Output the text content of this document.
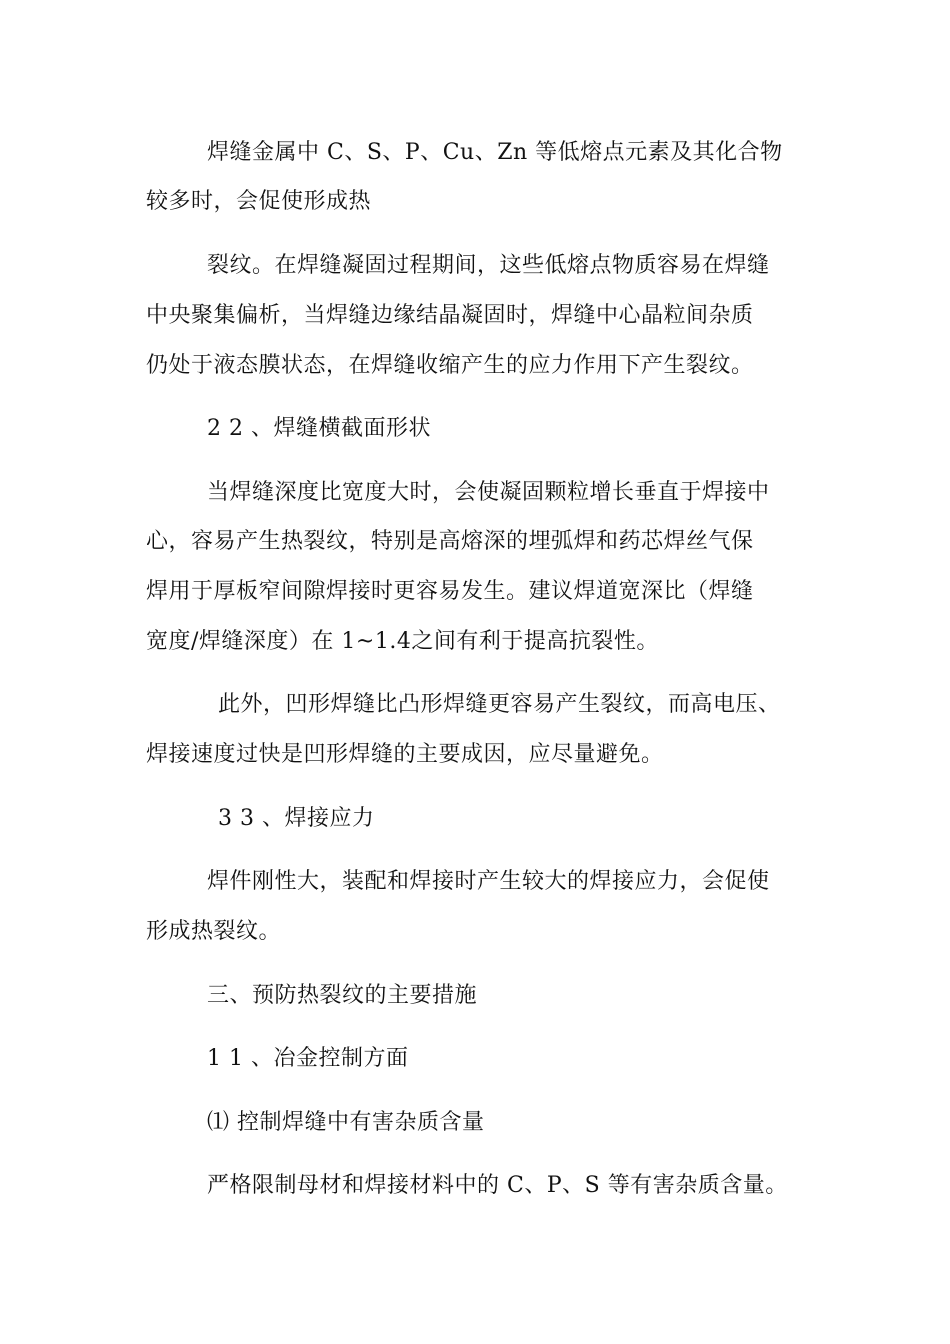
焊缝金属中 C、S、P、Cu、Zn 等低熔点元素及其化合物
较多时，会促使形成热
裂纹。在焊缝凝固过程期间，这些低熔点物质容易在焊缝
中央聚集偏析，当焊缝边缘结晶凝固时，焊缝中心晶粒间杂质
仍处于液态膜状态，在焊缝收缩产生的应力作用下产生裂纹。
2 2 、焊缝横截面形状
当焊缝深度比宽度大时，会使凝固颗粒增长垂直于焊接中
心，容易产生热裂纹，特别是高熔深的埋弧焊和药芯焊丝气保
焊用于厚板窄间隙焊接时更容易发生。建议焊道宽深比（焊缝
宽度/焊缝深度）在 1~1.4之间有利于提高抗裂性。
此外，凹形焊缝比凸形焊缝更容易产生裂纹，而高电压、
焊接速度过快是凹形焊缝的主要成因，应尽量避免。
3 3 、焊接应力
焊件刚性大，装配和焊接时产生较大的焊接应力，会促使
形成热裂纹。
三、预防热裂纹的主要措施
1 1 、冶金控制方面
⑴ 控制焊缝中有害杂质含量
严格限制母材和焊接材料中的 C、P、S 等有害杂质含量。
